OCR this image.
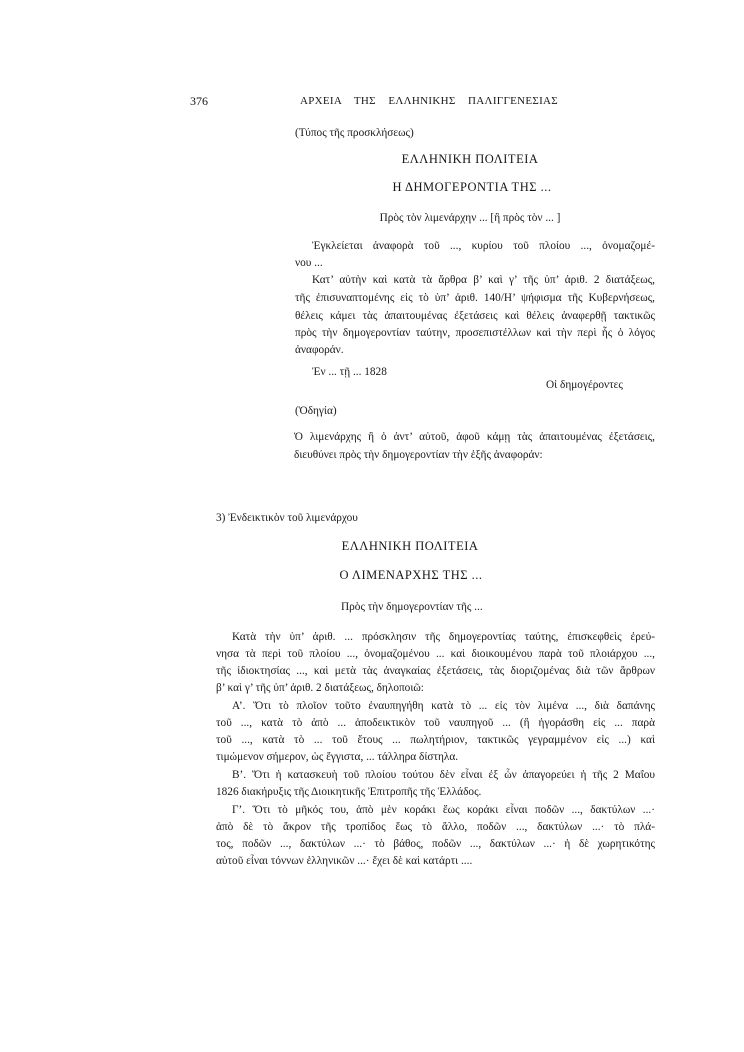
376	ΑΡΧΕΙΑ ΤΗΣ ΕΛΛΗΝΙΚΗΣ ΠΑΛΙΓΓΕΝΕΣΙΑΣ
(Τύπος τῆς προσκλήσεως)
ΕΛΛΗΝΙΚΗ ΠΟΛΙΤΕΙΑ
Η ΔΗΜΟΓΕΡΟΝΤΙΑ ΤΗΣ ...
Πρὸς τὸν λιμενάρχην ... [ἢ πρὸς τὸν ... ]
Ἐγκλείεται ἀναφορὰ τοῦ ..., κυρίου τοῦ πλοίου ..., ὀνομαζομέ-
νου ...
Κατ’ αὐτὴν καὶ κατὰ τὰ ἄρθρα β’ καὶ γ’ τῆς ὑπ’ ἀριθ. 2 διατάξεως,
τῆς ἐπισυναπτομένης εἰς τὸ ὑπ’ ἀριθ. 140/Η’ ψήφισμα τῆς Κυβερνήσεως,
θέλεις κάμει τὰς ἀπαιτουμένας ἐξετάσεις καὶ θέλεις ἀναφερθῇ τακτικῶς
πρὸς τὴν δημογεροντίαν ταύτην, προσεπιστέλλων καὶ τὴν περὶ ἧς ὁ λόγος
ἀναφοράν.
Ἐν ... τῇ ... 1828
Οἱ δημογέροντες
(Ὁδηγία)
Ὁ λιμενάρχης ἢ ὁ ἀντ’ αὐτοῦ, ἀφοῦ κάμῃ τὰς ἀπαιτουμένας ἐξετάσεις,
διευθύνει πρὸς τὴν δημογεροντίαν τὴν ἑξῆς ἀναφοράν:
3) Ἐνδεικτικὸν τοῦ λιμενάρχου
ΕΛΛΗΝΙΚΗ ΠΟΛΙΤΕΙΑ
Ο ΛΙΜΕΝΑΡΧΗΣ ΤΗΣ ...
Πρὸς τὴν δημογεροντίαν τῆς ...
Κατὰ τὴν ὑπ’ ἀριθ. ... πρόσκλησιν τῆς δημογεροντίας ταύτης, ἐπισκεφθεὶς ἐρεύ-
νησα τὰ περὶ τοῦ πλοίου ..., ὀνομαζομένου ... καὶ διοικουμένου παρὰ τοῦ πλοιάρχου ...,
τῆς ἰδιοκτησίας ..., καὶ μετὰ τὰς ἀναγκαίας ἐξετάσεις, τὰς διοριζομένας διὰ τῶν ἄρθρων
β’ καὶ γ’ τῆς ὑπ’ ἀριθ. 2 διατάξεως, δηλοποιῶ:
Α’. Ὅτι τὸ πλοῖον τοῦτο ἐναυπηγήθη κατὰ τὸ ... εἰς τὸν λιμένα ..., διὰ δαπάνης
τοῦ ..., κατὰ τὸ ἀπὸ ... ἀποδεικτικὸν τοῦ ναυπηγοῦ ... (ἢ ἠγοράσθη εἰς ... παρὰ
τοῦ ..., κατὰ τὸ ... τοῦ ἔτους ... πωλητήριον, τακτικῶς γεγραμμένον εἰς ...) καὶ
τιμώμενον σήμερον, ὡς ἔγγιστα, ... τάλληρα δίστηλα.
Β’. Ὅτι ἡ κατασκευὴ τοῦ πλοίου τούτου δὲν εἶναι ἐξ ὧν ἀπαγορεύει ἡ τῆς 2 Μαΐου
1826 διακήρυξις τῆς Διοικητικῆς Ἐπιτροπῆς τῆς Ἑλλάδος.
Γ’. Ὅτι τὸ μῆκός του, ἀπὸ μὲν κοράκι ἕως κοράκι εἶναι ποδῶν ..., δακτύλων ...·
ἀπὸ δὲ τὸ ἄκρον τῆς τροπίδος ἕως τὸ ἄλλο, ποδῶν ..., δακτύλων ...· τὸ πλά-
τος, ποδῶν ..., δακτύλων ...· τὸ βάθος, ποδῶν ..., δακτύλων ...· ἡ δὲ χωρητικότης
αὐτοῦ εἶναι τόννων ἑλληνικῶν ...· ἔχει δὲ καὶ κατάρτι ....
